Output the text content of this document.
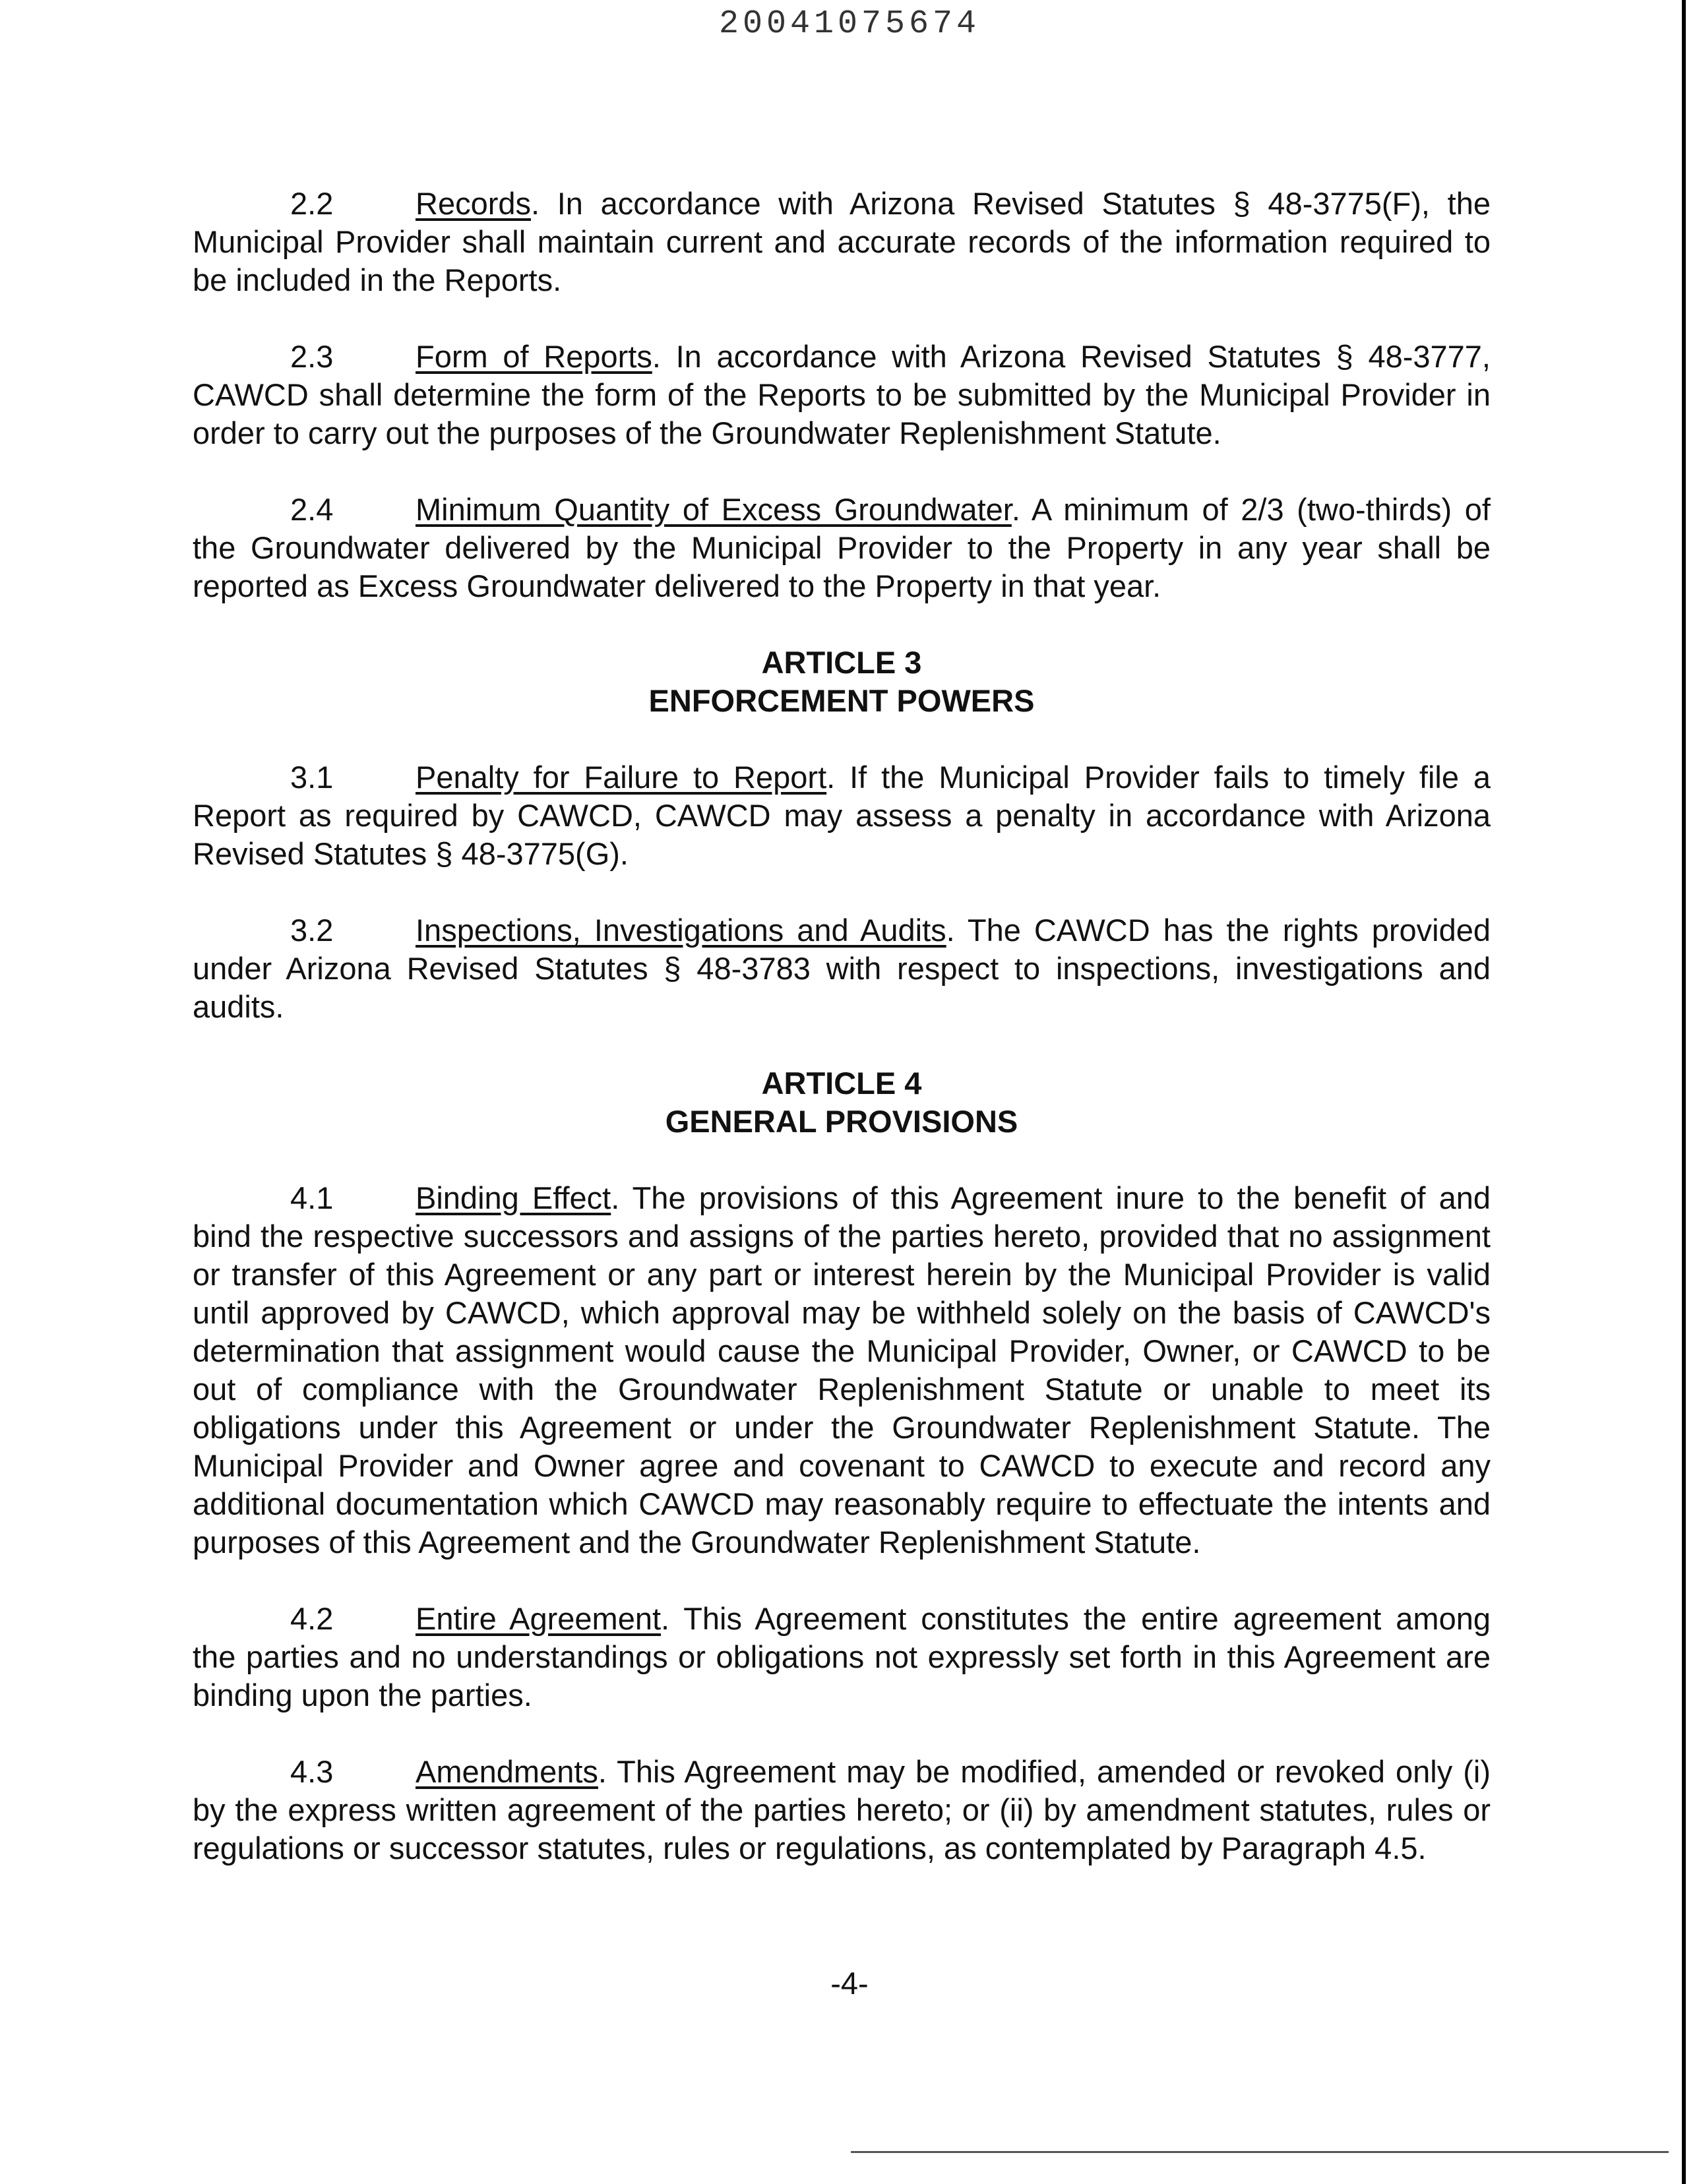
20041075674

2.2	Records. In accordance with Arizona Revised Statutes § 48-3775(F), the Municipal Provider shall maintain current and accurate records of the information required to be included in the Reports.

2.3	Form of Reports. In accordance with Arizona Revised Statutes § 48-3777, CAWCD shall determine the form of the Reports to be submitted by the Municipal Provider in order to carry out the purposes of the Groundwater Replenishment Statute.

2.4	Minimum Quantity of Excess Groundwater. A minimum of 2/3 (two-thirds) of the Groundwater delivered by the Municipal Provider to the Property in any year shall be reported as Excess Groundwater delivered to the Property in that year.

ARTICLE 3
ENFORCEMENT POWERS

3.1	Penalty for Failure to Report. If the Municipal Provider fails to timely file a Report as required by CAWCD, CAWCD may assess a penalty in accordance with Arizona Revised Statutes § 48-3775(G).

3.2	Inspections, Investigations and Audits. The CAWCD has the rights provided under Arizona Revised Statutes § 48-3783 with respect to inspections, investigations and audits.

ARTICLE 4
GENERAL PROVISIONS

4.1	Binding Effect. The provisions of this Agreement inure to the benefit of and bind the respective successors and assigns of the parties hereto, provided that no assignment or transfer of this Agreement or any part or interest herein by the Municipal Provider is valid until approved by CAWCD, which approval may be withheld solely on the basis of CAWCD's determination that assignment would cause the Municipal Provider, Owner, or CAWCD to be out of compliance with the Groundwater Replenishment Statute or unable to meet its obligations under this Agreement or under the Groundwater Replenishment Statute. The Municipal Provider and Owner agree and covenant to CAWCD to execute and record any additional documentation which CAWCD may reasonably require to effectuate the intents and purposes of this Agreement and the Groundwater Replenishment Statute.

4.2	Entire Agreement. This Agreement constitutes the entire agreement among the parties and no understandings or obligations not expressly set forth in this Agreement are binding upon the parties.

4.3	Amendments. This Agreement may be modified, amended or revoked only (i) by the express written agreement of the parties hereto; or (ii) by amendment statutes, rules or regulations or successor statutes, rules or regulations, as contemplated by Paragraph 4.5.

-4-
